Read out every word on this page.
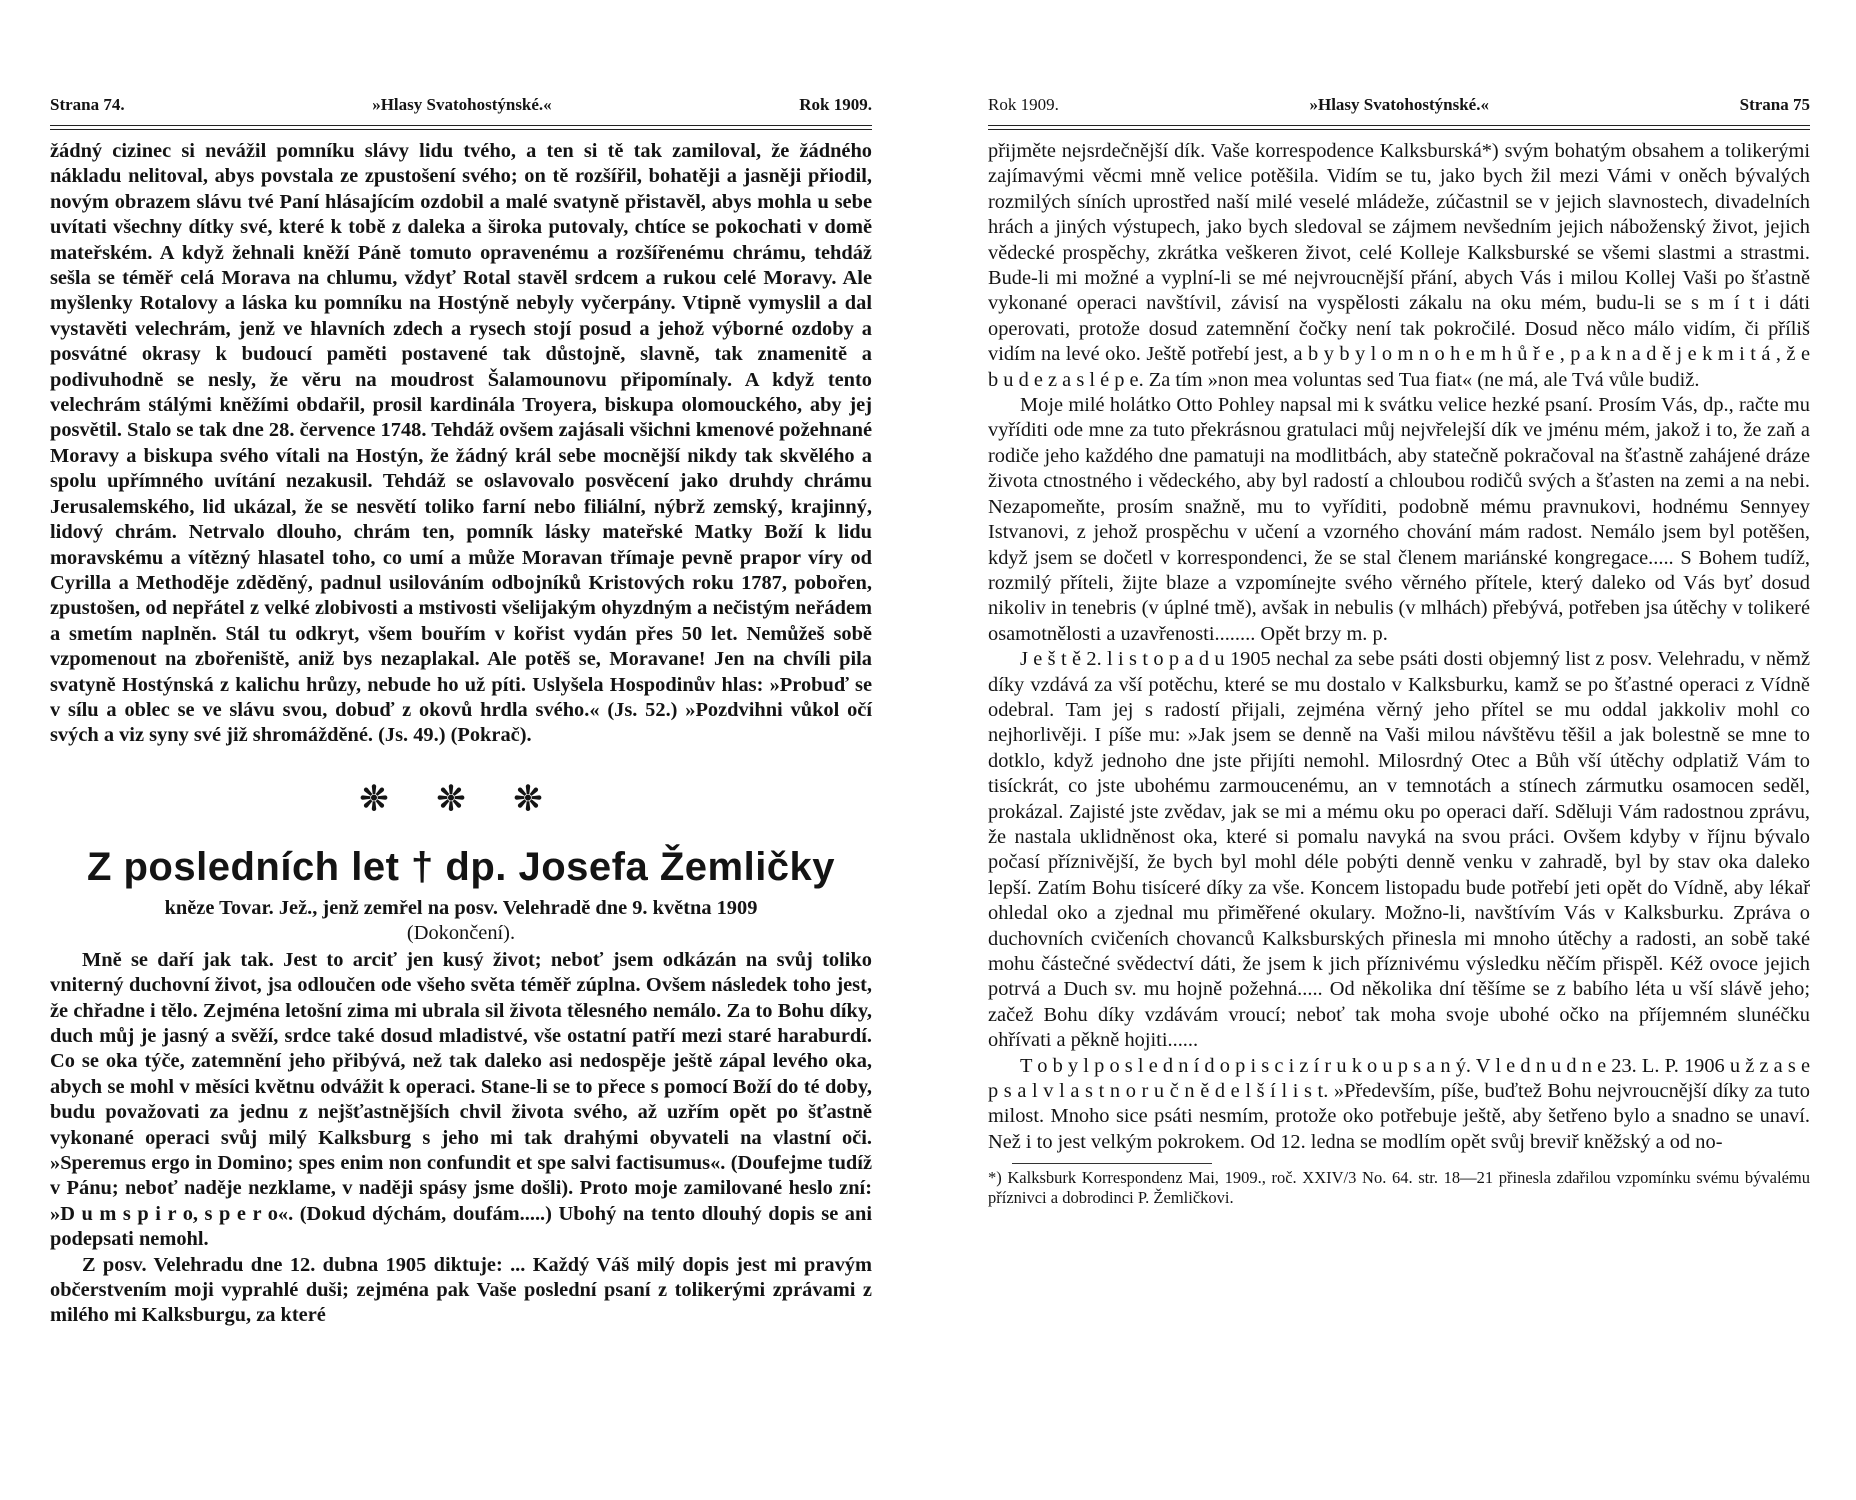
Strana 74.	»Hlasy Svatohostýnské.«	Rok 1909.

žádný cizinec si nevážil pomníku slávy lidu tvého, a ten si tě tak zamiloval, že žádného nákladu nelitoval, abys povstala ze zpustošení svého; on tě rozšířil, bohatěji a jasněji přiodil, novým obrazem slávu tvé Paní hlásajícím ozdobil a malé svatyně přistavěl, abys mohla u sebe uvítati všechny dítky své, které k tobě z daleka a široka putovaly, chtíce se pokochati v domě mateřském. A když žehnali kněží Páně tomuto opravenému a rozšířenému chrámu, tehdáž sešla se téměř celá Morava na chlumu, vždyť Rotal stavěl srdcem a rukou celé Moravy. Ale myšlenky Rotalovy a láska ku pomníku na Hostýně nebyly vyčerpány. Vtipně vymyslil a dal vystavěti velechrám, jenž ve hlavních zdech a rysech stojí posud a jehož výborné ozdoby a posvátné okrasy k budoucí paměti postavené tak důstojně, slavně, tak znamenitě a podivuhodně se nesly, že věru na moudrost Šalamounovu připomínaly. A když tento velechrám stálými kněžími obdařil, prosil kardinála Troyera, biskupa olomouckého, aby jej posvětil. Stalo se tak dne 28. července 1748. Tehdáž ovšem zajásali všichni kmenové požehnané Moravy a biskupa svého vítali na Hostýn, že žádný král sebe mocnější nikdy tak skvělého a spolu upřímného uvítání nezakusil. Tehdáž se oslavovalo posvěcení jako druhdy chrámu Jerusalemského, lid ukázal, že se nesvětí toliko farní nebo filiální, nýbrž zemský, krajinný, lidový chrám. Netrvalo dlouho, chrám ten, pomník lásky mateřské Matky Boží k lidu moravskému a vítězný hlasatel toho, co umí a může Moravan třímaje pevně prapor víry od Cyrilla a Methoděje zděděný, padnul usilováním odbojníků Kristových roku 1787, pobořen, zpustošen, od nepřátel z velké zlobivosti a mstivosti všelijakým ohyzdným a nečistým neřádem a smetím naplněn. Stál tu odkryt, všem bouřím v kořist vydán přes 50 let. Nemůžeš sobě vzpomenout na zbořeniště, aniž bys nezaplakal. Ale potěš se, Moravane! Jen na chvíli pila svatyně Hostýnská z kalichu hrůzy, nebude ho už píti. Uslyšela Hospodinův hlas: »Probuď se v sílu a oblec se ve slávu svou, dobuď z okovů hrdla svého.« (Js. 52.) »Pozdvihni vůkol očí svých a viz syny své již shromážděné. (Js. 49.) (Pokrač).

❊ ❊ ❊
Z posledních let † dp. Josefa Žemličky
kněze Tovar. Jež., jenž zemřel na posv. Velehradě dne 9. května 1909
(Dokončení).

Mně se daří jak tak. Jest to arciť jen kusý život; neboť jsem odkázán na svůj toliko vniterný duchovní život, jsa odloučen ode všeho světa téměř zúplna. Ovšem následek toho jest, že chřadne i tělo. Zejména letošní zima mi ubrala sil života tělesného nemálo. Za to Bohu díky, duch můj je jasný a svěží, srdce také dosud mladistvé, vše ostatní patří mezi staré haraburdí. Co se oka týče, zatemnění jeho přibývá, než tak daleko asi nedospěje ještě zápal levého oka, abych se mohl v měsíci květnu odvážit k operaci. Stane-li se to přece s pomocí Boží do té doby, budu považovati za jednu z nejšťastnějších chvil života svého, až uzřím opět po šťastně vykonané operaci svůj milý Kalksburg s jeho mi tak drahými obyvateli na vlastní oči. »Speremus ergo in Domino; spes enim non confundit et spe salvi factisumus«. (Doufejme tudíž v Pánu; neboť naděje nezklame, v naději spásy jsme došli). Proto moje zamilované heslo zní: »D u m s p i r o, s p e r o«. (Dokud dýchám, doufám.....) Ubohý na tento dlouhý dopis se ani podepsati nemohl.

Z posv. Velehradu dne 12. dubna 1905 diktuje: ... Každý Váš milý dopis jest mi pravým občerstvením moji vyprahlé duši; zejména pak Vaše poslední psaní z tolikerými zprávami z milého mi Kalksburgu, za které

Rok 1909.	»Hlasy Svatohostýnské.«	Strana 75

přijměte nejsrdečnější dík. Vaše korrespodence Kalksburská*) svým bohatým obsahem a tolikerými zajímavými věcmi mně velice potěšila. Vidím se tu, jako bych žil mezi Vámi v oněch bývalých rozmilých síních uprostřed naší milé veselé mládeže, zúčastnil se v jejich slavnostech, divadelních hrách a jiných výstupech, jako bych sledoval se zájmem nevšedním jejich náboženský život, jejich vědecké prospěchy, zkrátka veškeren život, celé Kolleje Kalksburské se všemi slastmi a strastmi. Bude-li mi možné a vyplní-li se mé nejvroucnější přání, abych Vás i milou Kollej Vaši po šťastně vykonané operaci navštívil, závisí na vyspělosti zákalu na oku mém, budu-li se s m í t i dáti operovati, protože dosud zatemnění čočky není tak pokročilé. Dosud něco málo vidím, či příliš vidím na levé oko. Ještě potřebí jest, a b y b y l o m n o h e m h ů ř e , p a k n a d ě j e k m i t á , ž e b u d e z a s l é p e. Za tím »non mea voluntas sed Tua fiat« (ne má, ale Tvá vůle budiž.

Moje milé holátko Otto Pohley napsal mi k svátku velice hezké psaní. Prosím Vás, dp., račte mu vyříditi ode mne za tuto překrásnou gratulaci můj nejvřelejší dík ve jménu mém, jakož i to, že zaň a rodiče jeho každého dne pamatuji na modlitbách, aby statečně pokračoval na šťastně zahájené dráze života ctnostného i vědeckého, aby byl radostí a chloubou rodičů svých a šťasten na zemi a na nebi. Nezapomeňte, prosím snažně, mu to vyříditi, podobně mému pravnukovi, hodnému Sennyey Istvanovi, z jehož prospěchu v učení a vzorného chování mám radost. Nemálo jsem byl potěšen, když jsem se dočetl v korrespondenci, že se stal členem mariánské kongregace..... S Bohem tudíž, rozmilý příteli, žijte blaze a vzpomínejte svého věrného přítele, který daleko od Vás byť dosud nikoliv in tenebris (v úplné tmě), avšak in nebulis (v mlhách) přebývá, potřeben jsa útěchy v tolikeré osamotnělosti a uzavřenosti........ Opět brzy m. p.

J e š t ě 2. l i s t o p a d u 1905 nechal za sebe psáti dosti objemný list z posv. Velehradu, v němž díky vzdává za vší potěchu, které se mu dostalo v Kalksburku, kamž se po šťastné operaci z Vídně odebral. Tam jej s radostí přijali, zejména věrný jeho přítel se mu oddal jakkoliv mohl co nejhorlivěji. I píše mu: »Jak jsem se denně na Vaši milou návštěvu těšil a jak bolestně se mne to dotklo, když jednoho dne jste přijíti nemohl. Milosrdný Otec a Bůh vší útěchy odplatiž Vám to tisíckrát, co jste ubohému zarmoucenému, an v temnotách a stínech zármutku osamocen seděl, prokázal. Zajisté jste zvědav, jak se mi a mému oku po operaci daří. Sděluji Vám radostnou zprávu, že nastala uklidněnost oka, které si pomalu navyká na svou práci. Ovšem kdyby v říjnu bývalo počasí příznivější, že bych byl mohl déle pobýti denně venku v zahradě, byl by stav oka daleko lepší. Zatím Bohu tisíceré díky za vše. Koncem listopadu bude potřebí jeti opět do Vídně, aby lékař ohledal oko a zjednal mu přiměřené okulary. Možno-li, navštívím Vás v Kalksburku. Zpráva o duchovních cvičeních chovanců Kalksburských přinesla mi mnoho útěchy a radosti, an sobě také mohu částečné svědectví dáti, že jsem k jich příznivému výsledku něčím přispěl. Kéž ovoce jejich potrvá a Duch sv. mu hojně požehná..... Od několika dní těšíme se z babího léta u vší slávě jeho; začež Bohu díky vzdávám vroucí; neboť tak moha svoje ubohé očko na příjemném slunéčku ohřívati a pěkně hojiti......

T o b y l p o s l e d n í d o p i s c i z í r u k o u p s a n ý. V l e d n u d n e 23. L. P. 1906 u ž z a s e p s a l v l a s t n o r u č n ě d e l š í l i s t. »Především, píše, buďtež Bohu nejvroucnější díky za tuto milost. Mnoho sice psáti nesmím, protože oko potřebuje ještě, aby šetřeno bylo a snadno se unaví. Než i to jest velkým pokrokem. Od 12. ledna se modlím opět svůj breviř kněžský a od no-

*) Kalksburk Korrespondenz Mai, 1909., roč. XXIV/3 No. 64. str. 18—21 přinesla zdařilou vzpomínku svému bývalému příznivci a dobrodinci P. Žemličkovi.
